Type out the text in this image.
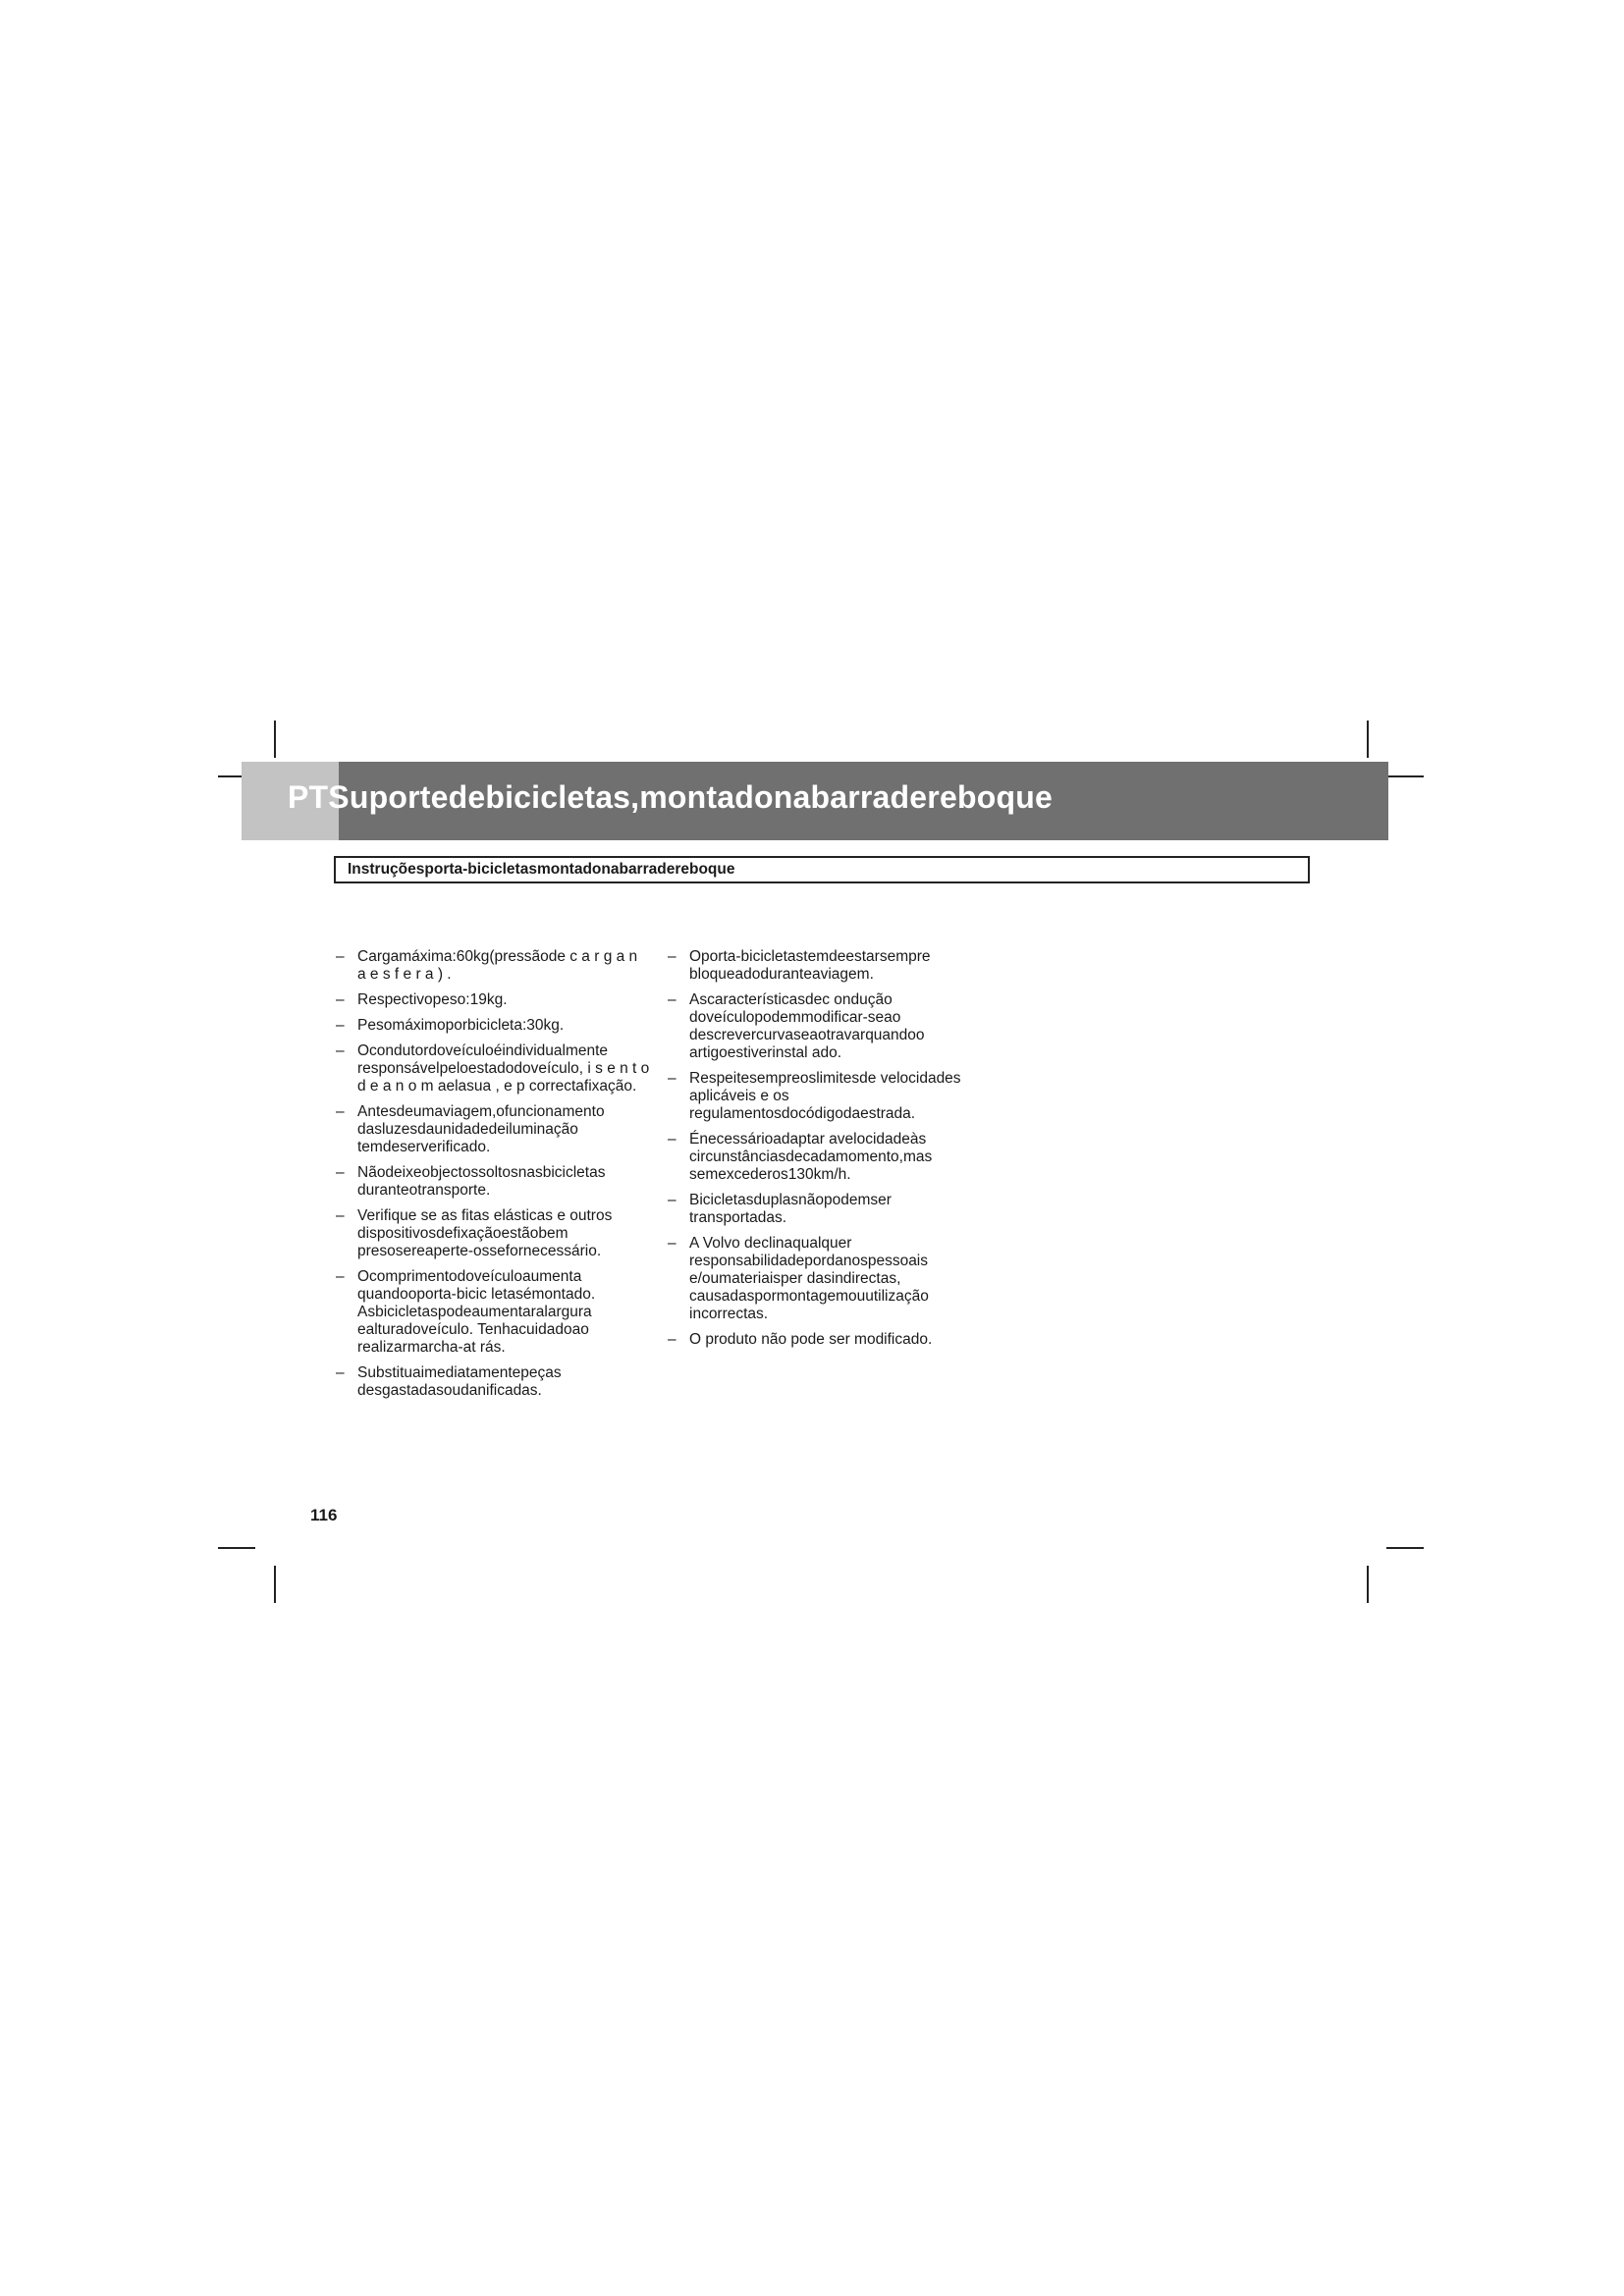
PTSuportedebicicletas,montadonabarradereboque
Instruçõesporta-bicicletasmontadonabarradereboque
– Cargamáxima:60kg(pressãode c a r g a n a e s f e r a ) .
– Respectivopeso:19kg.
– Pesomáximoporbicicleta:30kg.
– Ocondutordoveículoéindividualmente responsávelpeloestadodoveículo, i s e n t o d e a n o m aelasua , e p correctafixação.
– Antesdeumaviagem,ofuncionamento dasluzesdaunidadedeiluminação temdeserverificado.
– Nãodeixeobjectossoltosnasbicicletas duranteotransporte.
– Verifique se as fitas elásticas e outros dispositivosdefixaçãoestãobem presosereaperte-ossefornecessário.
– Ocomprimentodoveículoaumenta quandooporta-bicic letasémontado. Asbicicletaspodeaumentaralargura ealturadoveículo. Tenhacuidadoao realizarmarcha-at rás.
– Substituaimediatamentepeças desgastadasoudanificadas.
– Oporta-bicicletastemdeestarsempre bloqueadoduranteaviagem.
– Ascaracterísticasdec ondução doveículopodemmodificar-seao descrevercurvaseaotravarquandoo artigoestiverinstal ado.
– Respeitesempreoslimitesde velocidades aplicáveis e os regulamentosdocódigodaestrada.
– Énecessárioadaptar avelocidadeàs circunstânciasdecadamomento,mas semexcederos130km/h.
– Bicicletasduplasnãopodemser transportadas.
– A Volvo declinaqualquer responsabilidadepordanospessoais e/oumateriaisper dasindirectas, causadaspormontagemouutilização incorrectas.
– O produto não pode ser modificado.
116
